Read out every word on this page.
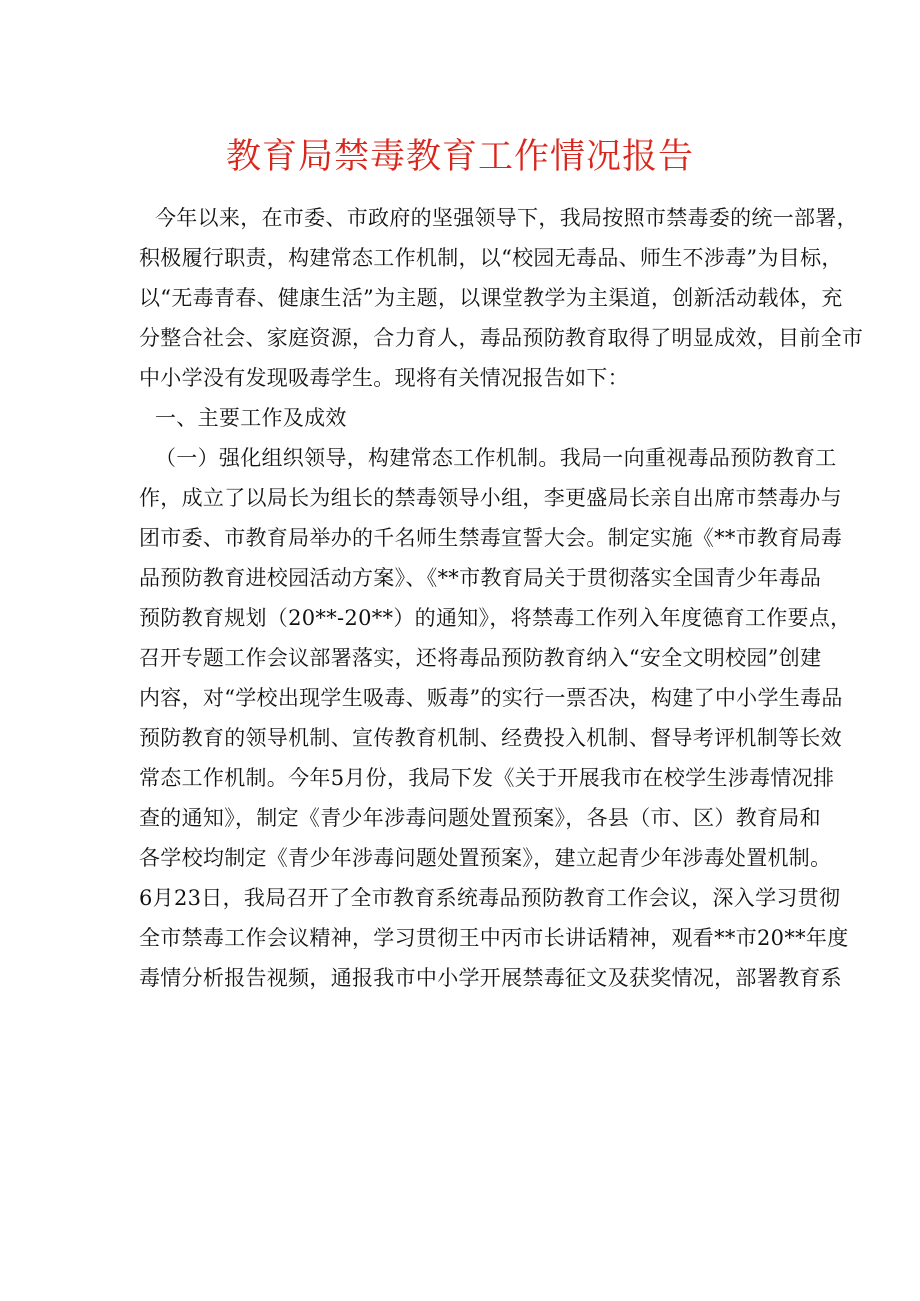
教育局禁毒教育工作情况报告
今年以来，在市委、市政府的坚强领导下，我局按照市禁毒委的统一部署，
积极履行职责，构建常态工作机制，以“校园无毒品、师生不涉毒”为目标，
以“无毒青春、健康生活”为主题，以课堂教学为主渠道，创新活动载体，充
分整合社会、家庭资源，合力育人，毒品预防教育取得了明显成效，目前全市
中小学没有发现吸毒学生。现将有关情况报告如下：
一、主要工作及成效
（一）强化组织领导，构建常态工作机制。我局一向重视毒品预防教育工
作，成立了以局长为组长的禁毒领导小组，李更盛局长亲自出席市禁毒办与
团市委、市教育局举办的千名师生禁毒宣誓大会。制定实施《**市教育局毒
品预防教育进校园活动方案》、《**市教育局关于贯彻落实全国青少年毒品
预防教育规划（20**-20**）的通知》，将禁毒工作列入年度德育工作要点，
召开专题工作会议部署落实，还将毒品预防教育纳入“安全文明校园”创建
内容，对“学校出现学生吸毒、贩毒”的实行一票否决，构建了中小学生毒品
预防教育的领导机制、宣传教育机制、经费投入机制、督导考评机制等长效
常态工作机制。今年5月份，我局下发《关于开展我市在校学生涉毒情况排
查的通知》，制定《青少年涉毒问题处置预案》，各县（市、区）教育局和
各学校均制定《青少年涉毒问题处置预案》，建立起青少年涉毒处置机制。
6月23日，我局召开了全市教育系统毒品预防教育工作会议，深入学习贯彻
全市禁毒工作会议精神，学习贯彻王中丙市长讲话精神，观看**市20**年度
毒情分析报告视频，通报我市中小学开展禁毒征文及获奖情况，部署教育系
